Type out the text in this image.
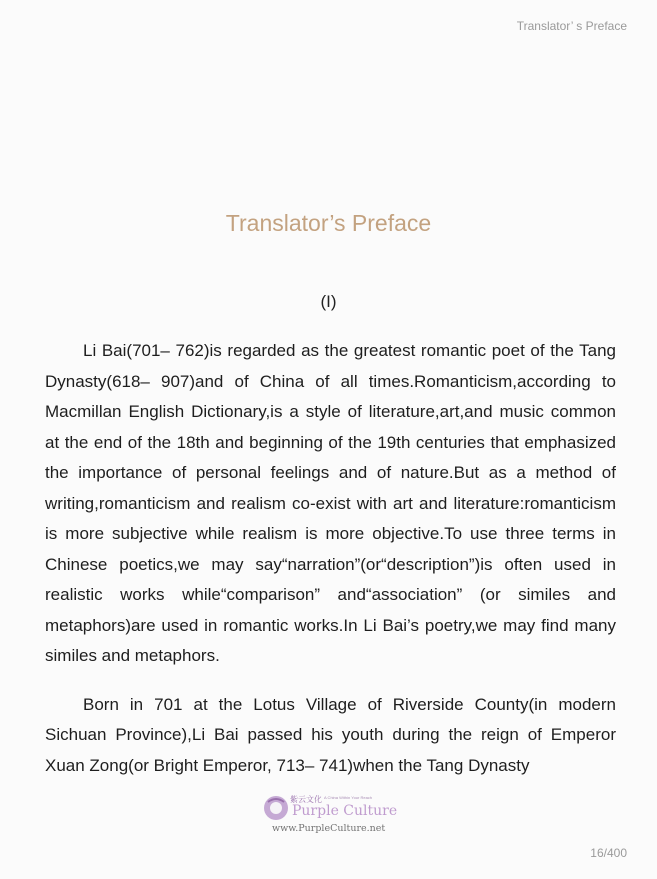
Translator’ s Preface
Translator’s Preface
(I)

Li Bai(701– 762)is regarded as the greatest romantic poet of the Tang Dynasty(618– 907)and of China of all times.Romanticism,according to Macmillan English Dictionary,is a style of literature,art,and music common at the end of the 18th and beginning of the 19th centuries that emphasized the importance of personal feelings and of nature.But as a method of writing,romanticism and realism co-exist with art and literature:romanticism is more subjective while realism is more objective.To use three terms in Chinese poetics,we may say“narration”(or“description”)is often used in realistic works while“comparison” and“association” (or similes and metaphors)are used in romantic works.In Li Bai’s poetry,we may find many similes and metaphors.

Born in 701 at the Lotus Village of Riverside County(in modern Sichuan Province),Li Bai passed his youth during the reign of Emperor Xuan Zong(or Bright Emperor, 713– 741)when the Tang Dynasty

紫云文化 A China Within Your Reach
Purple Culture
www.PurpleCulture.net
16/400
